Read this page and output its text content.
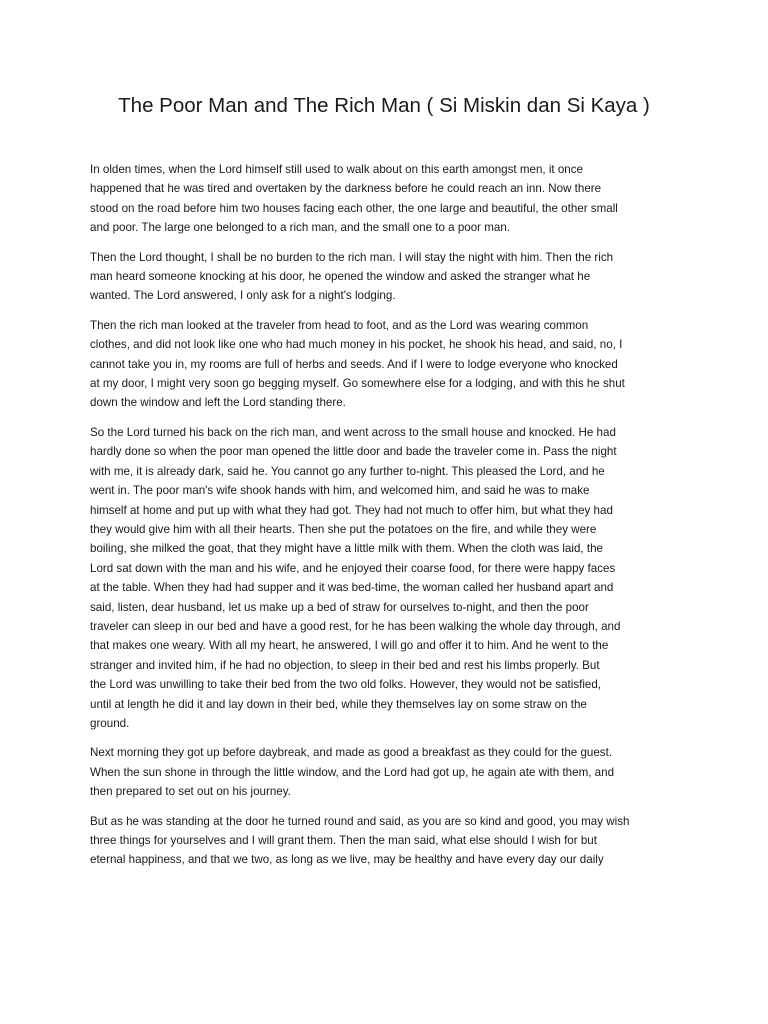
The Poor Man and The Rich Man ( Si Miskin dan Si Kaya )

In olden times, when the Lord himself still used to walk about on this earth amongst men, it once
happened that he was tired and overtaken by the darkness before he could reach an inn. Now there
stood on the road before him two houses facing each other, the one large and beautiful, the other small
and poor. The large one belonged to a rich man, and the small one to a poor man.

Then the Lord thought, I shall be no burden to the rich man. I will stay the night with him. Then the rich
man heard someone knocking at his door, he opened the window and asked the stranger what he
wanted. The Lord answered, I only ask for a night's lodging.

Then the rich man looked at the traveler from head to foot, and as the Lord was wearing common
clothes, and did not look like one who had much money in his pocket, he shook his head, and said, no, I
cannot take you in, my rooms are full of herbs and seeds. And if I were to lodge everyone who knocked
at my door, I might very soon go begging myself. Go somewhere else for a lodging, and with this he shut
down the window and left the Lord standing there.

So the Lord turned his back on the rich man, and went across to the small house and knocked. He had
hardly done so when the poor man opened the little door and bade the traveler come in. Pass the night
with me, it is already dark, said he. You cannot go any further to-night. This pleased the Lord, and he
went in. The poor man's wife shook hands with him, and welcomed him, and said he was to make
himself at home and put up with what they had got. They had not much to offer him, but what they had
they would give him with all their hearts. Then she put the potatoes on the fire, and while they were
boiling, she milked the goat, that they might have a little milk with them. When the cloth was laid, the
Lord sat down with the man and his wife, and he enjoyed their coarse food, for there were happy faces
at the table. When they had had supper and it was bed-time, the woman called her husband apart and
said, listen, dear husband, let us make up a bed of straw for ourselves to-night, and then the poor
traveler can sleep in our bed and have a good rest, for he has been walking the whole day through, and
that makes one weary. With all my heart, he answered, I will go and offer it to him. And he went to the
stranger and invited him, if he had no objection, to sleep in their bed and rest his limbs properly. But
the Lord was unwilling to take their bed from the two old folks. However, they would not be satisfied,
until at length he did it and lay down in their bed, while they themselves lay on some straw on the
ground.

Next morning they got up before daybreak, and made as good a breakfast as they could for the guest.
When the sun shone in through the little window, and the Lord had got up, he again ate with them, and
then prepared to set out on his journey.

But as he was standing at the door he turned round and said, as you are so kind and good, you may wish
three things for yourselves and I will grant them. Then the man said, what else should I wish for but
eternal happiness, and that we two, as long as we live, may be healthy and have every day our daily
